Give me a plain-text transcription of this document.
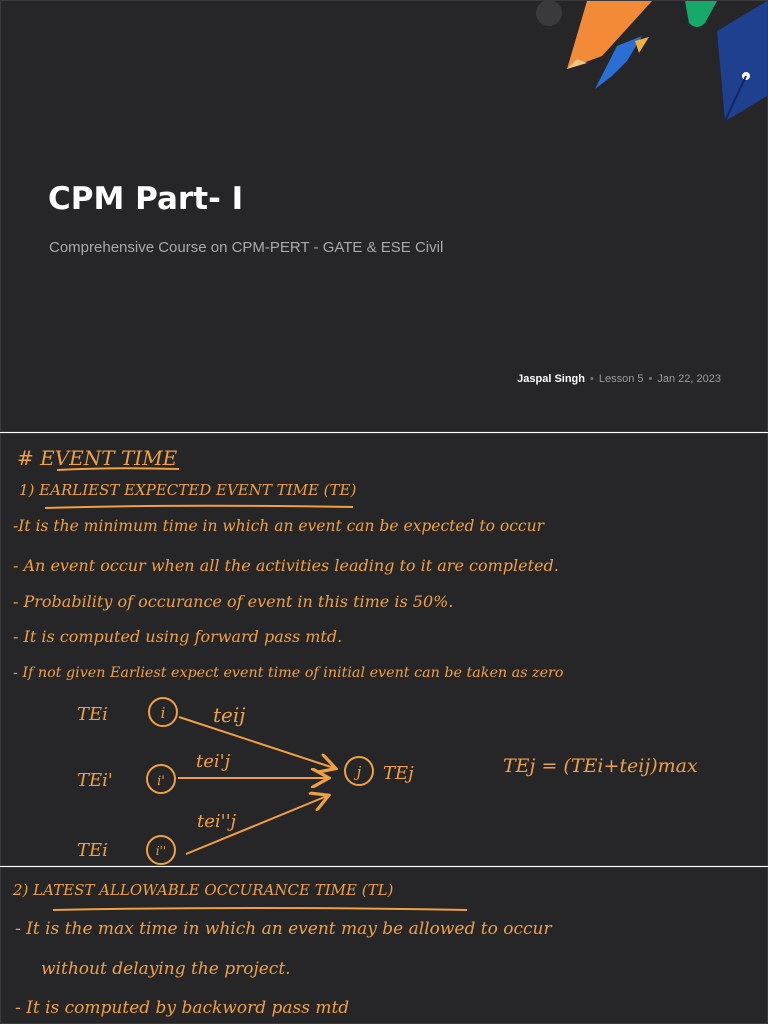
CPM Part- I
Comprehensive Course on CPM-PERT - GATE & ESE Civil
Jaspal Singh • Lesson 5 • Jan 22, 2023
# EVENT TIME
1) EARLIEST EXPECTED EVENT TIME (TE)
-It is the minimum time in which an event can be expected to occur
- An event occur when all the activities leading to it are completed.
- Probability of occurance of event in this time is 50%.
- It is computed using forward pass mtd.
- If not given Earliest expect event time of initial event can be taken as zero
i
i'
i''
j
TEi
TEi'
TEi
TEj
teij
tei'j
tei''j
TEj = (TEi+teij)max
2) LATEST ALLOWABLE OCCURANCE TIME (TL)
- It is the max time in which an event may be allowed to occur
without delaying the project.
- It is computed by backword pass mtd
